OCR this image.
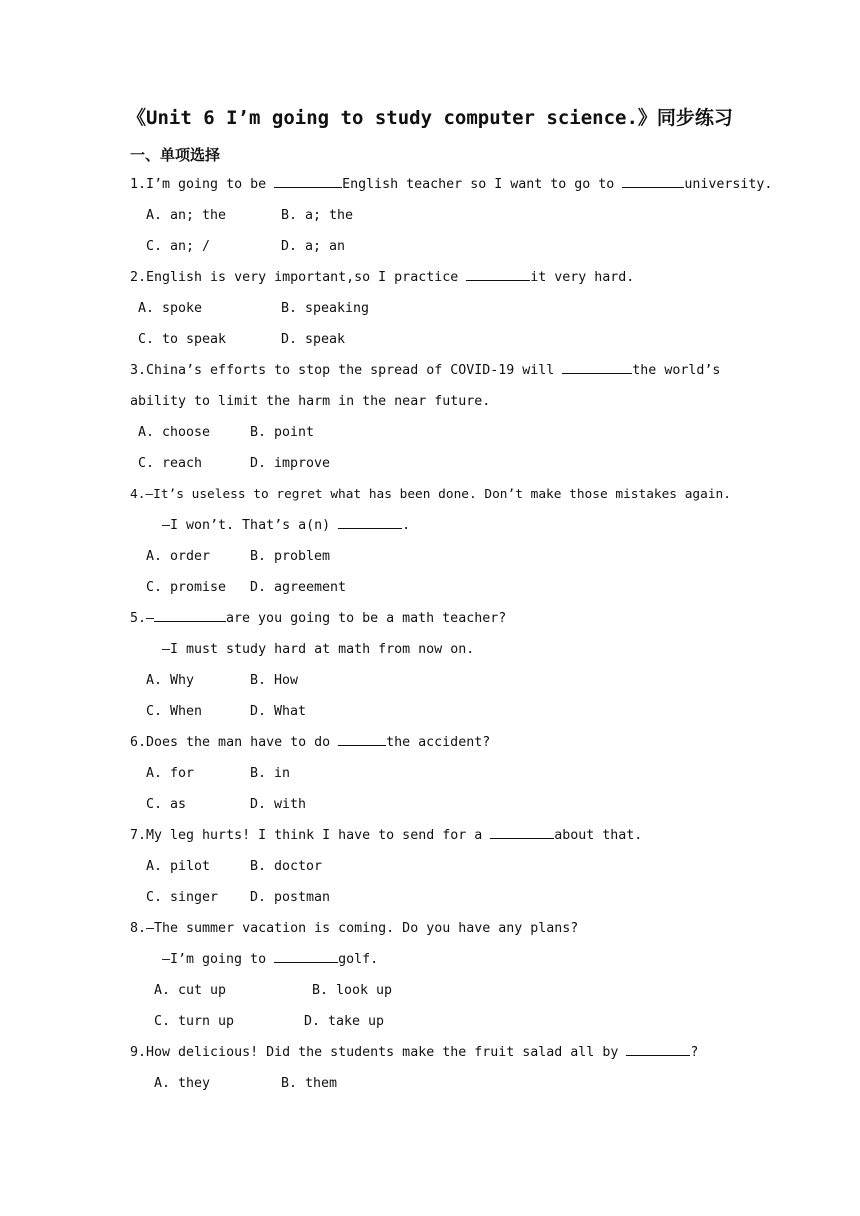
《Unit 6 I’m going to study computer science.》同步练习
一、单项选择
1.I’m going to be	English teacher so I want to go to	university.
A. an; the	B. a; the
C. an; /	D. a; an
2.English is very important,so I practice	it very hard.
A. spoke	B. speaking
C. to speak	D. speak
3.China’s efforts to stop the spread of COVID-19 will	the world’s
ability to limit the harm in the near future.
A. choose	B. point
C. reach	D. improve
4.—It’s useless to regret what has been done. Don’t make those mistakes again.
—I won’t. That’s a(n)	.
A. order	B. problem
C. promise D. agreement
5.—	are you going to be a math teacher?
—I must study hard at math from now on.
A. Why	B. How
C. When	D. What
6.Does the man have to do	the accident?
A. for	B. in
C. as	D. with
7.My leg hurts! I think I have to send for a	about that.
A. pilot	B. doctor
C. singer D. postman
8.—The summer vacation is coming. Do you have any plans?
—I’m going to	golf.
A. cut up	B. look up
C. turn up	D. take up
9.How delicious! Did the students make the fruit salad all by	?
A. they	B. them
